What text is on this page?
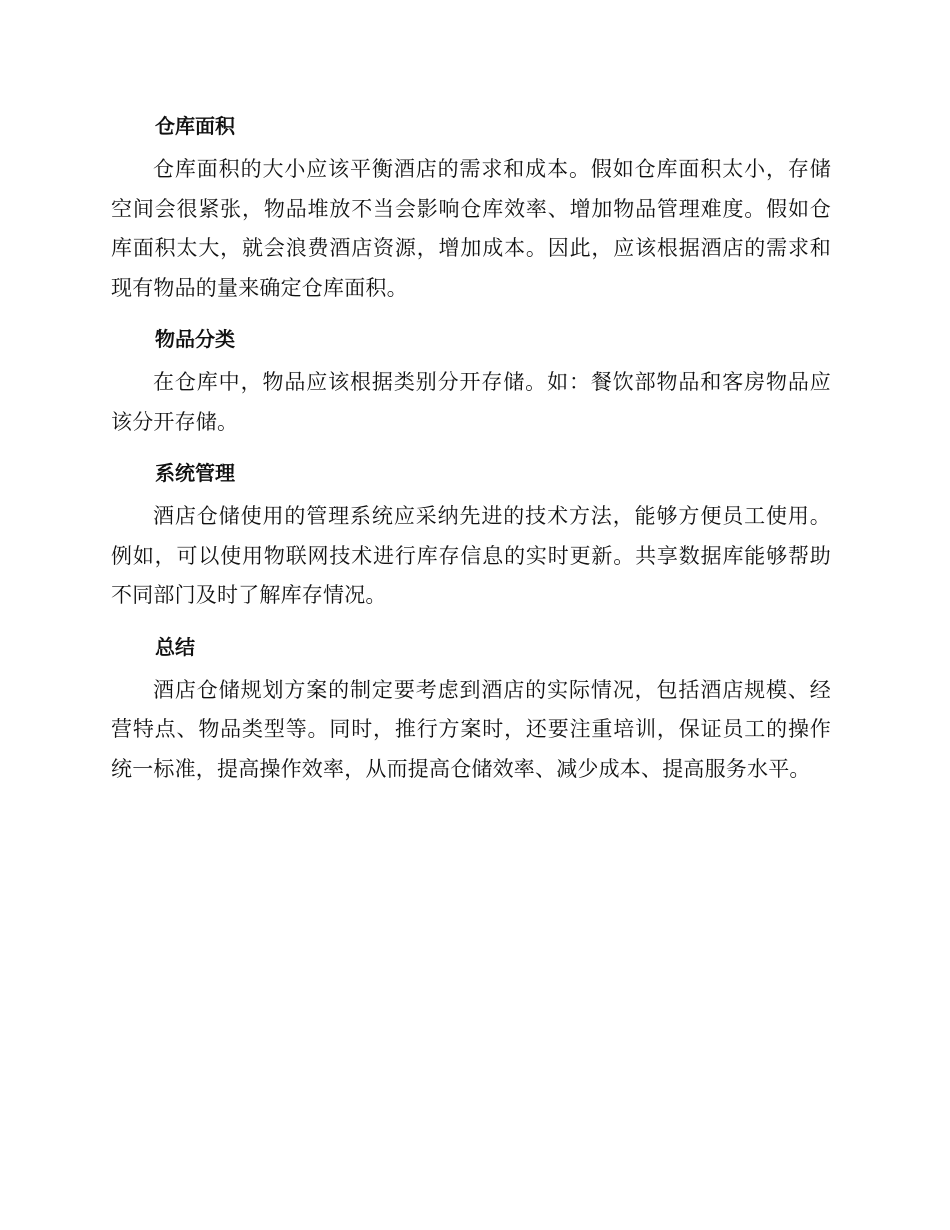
仓库面积

仓库面积的大小应该平衡酒店的需求和成本。假如仓库面积太小，存储空间会很紧张，物品堆放不当会影响仓库效率、增加物品管理难度。假如仓库面积太大，就会浪费酒店资源，增加成本。因此，应该根据酒店的需求和现有物品的量来确定仓库面积。

物品分类

在仓库中，物品应该根据类别分开存储。如：餐饮部物品和客房物品应该分开存储。

系统管理

酒店仓储使用的管理系统应采纳先进的技术方法，能够方便员工使用。例如，可以使用物联网技术进行库存信息的实时更新。共享数据库能够帮助不同部门及时了解库存情况。

总结

酒店仓储规划方案的制定要考虑到酒店的实际情况，包括酒店规模、经营特点、物品类型等。同时，推行方案时，还要注重培训，保证员工的操作统一标准，提高操作效率，从而提高仓储效率、减少成本、提高服务水平。
